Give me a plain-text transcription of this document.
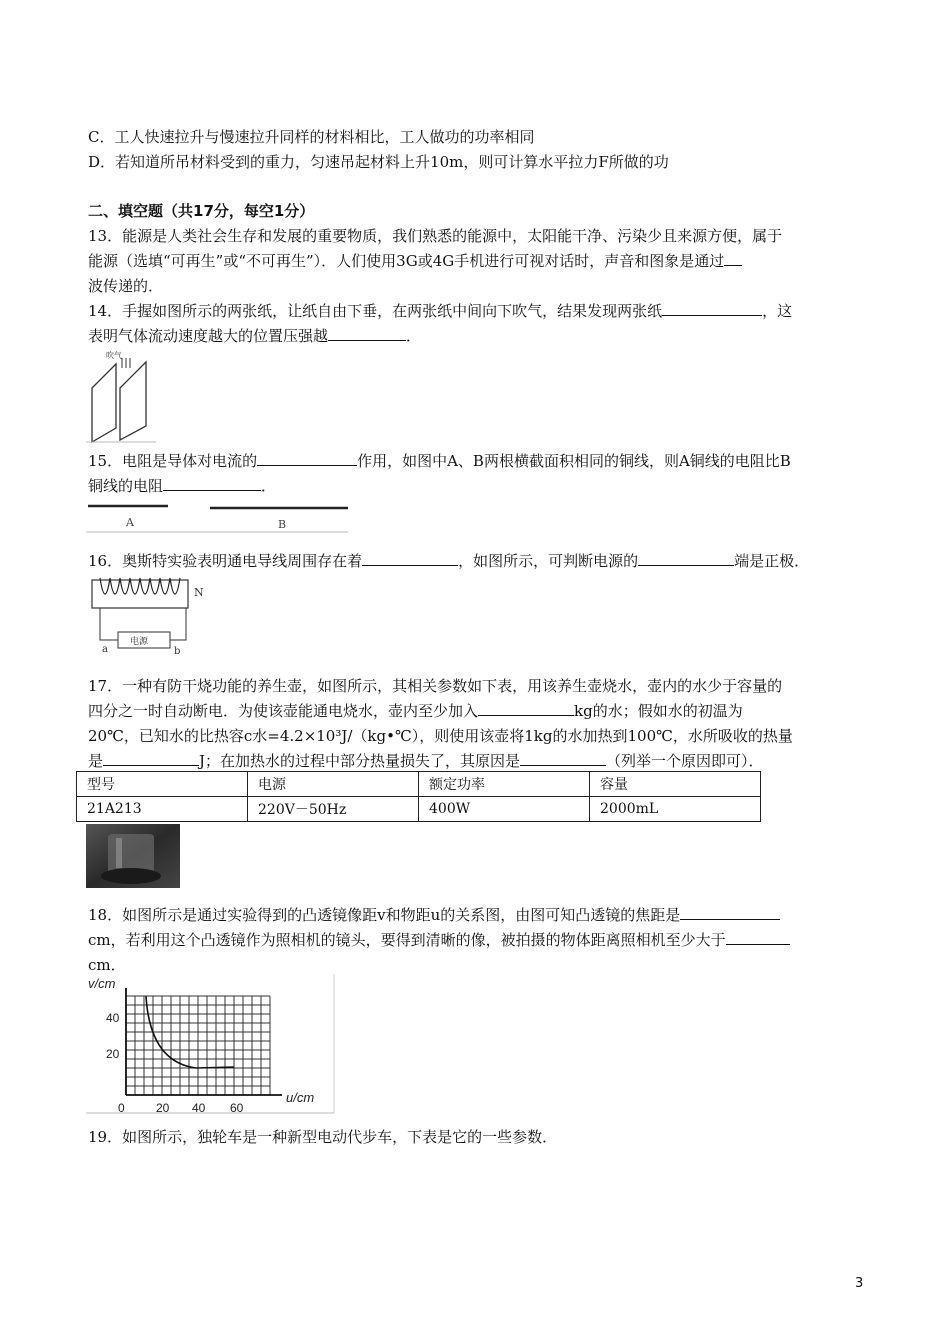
C．工人快速拉升与慢速拉升同样的材料相比，工人做功的功率相同
D．若知道所吊材料受到的重力，匀速吊起材料上升10m，则可计算水平拉力F所做的功
二、填空题（共17分，每空1分）
13．能源是人类社会生存和发展的重要物质，我们熟悉的能源中，太阳能干净、污染少且来源方便，属于
能源（选填“可再生”或“不可再生”）．人们使用3G或4G手机进行可视对话时，声音和图象是通过
波传递的．
14．手握如图所示的两张纸，让纸自由下垂，在两张纸中间向下吹气，结果发现两张纸	，这
表明气体流动速度越大的位置压强越	．
吹气
15．电阻是导体对电流的	作用，如图中A、B两根横截面积相同的铜线，则A铜线的电阻比B
铜线的电阻	．
A	B
16．奥斯特实验表明通电导线周围存在着	，如图所示，可判断电源的	端是正极．
N
电源
a	b
17．一种有防干烧功能的养生壶，如图所示，其相关参数如下表，用该养生壶烧水，壶内的水少于容量的
四分之一时自动断电．为使该壶能通电烧水，壶内至少加入	kg的水；假如水的初温为
20℃，已知水的比热容c水=4.2×10³J/（kg•℃），则使用该壶将1kg的水加热到100℃，水所吸收的热量
是	J；在加热水的过程中部分热量损失了，其原因是	（列举一个原因即可）．
型号	电源	额定功率	容量
21A213	220V－50Hz	400W	2000mL
18．如图所示是通过实验得到的凸透镜像距v和物距u的关系图，由图可知凸透镜的焦距是
cm，若利用这个凸透镜作为照相机的镜头，要得到清晰的像，被拍摄的物体距离照相机至少大于
cm．
v/cm
40
20
0	20 40 60
u/cm
19．如图所示，独轮车是一种新型电动代步车，下表是它的一些参数．
3
